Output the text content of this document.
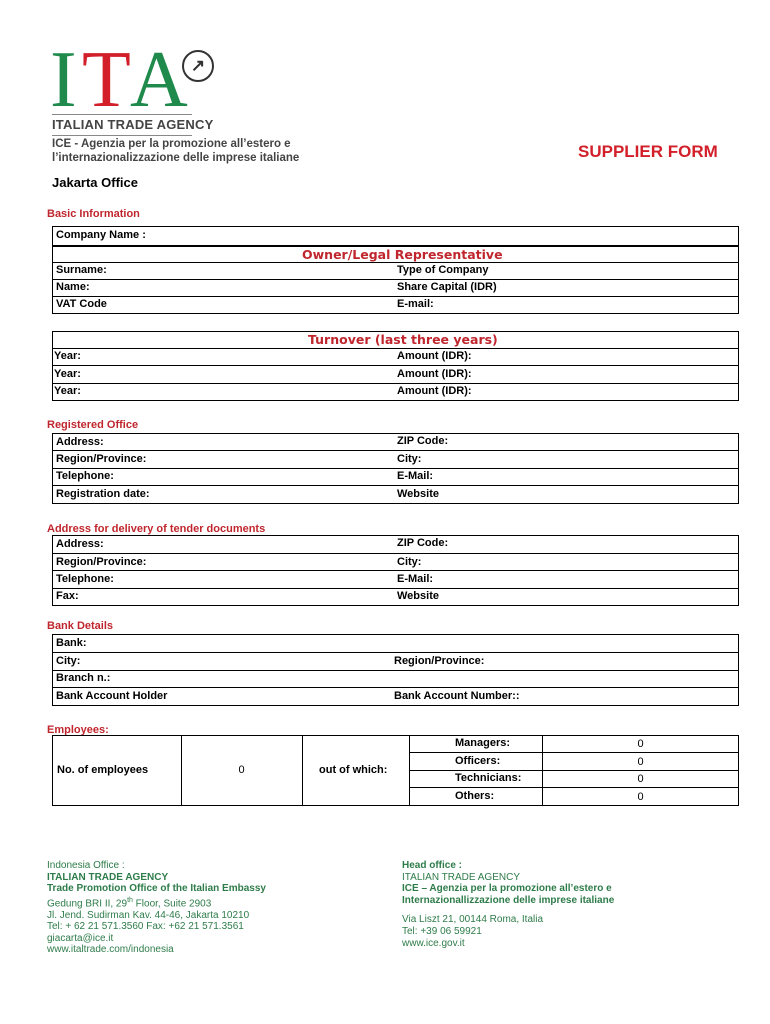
I T A ↗
ITALIAN TRADE AGENCY
ICE - Agenzia per la promozione all’estero e
l’internazionalizzazione delle imprese italiane	SUPPLIER FORM
Jakarta Office
Basic Information
Company Name :
Owner/Legal Representative
Surname:	Type of Company
Name:	Share Capital (IDR)
VAT Code	E-mail:
Turnover (last three years)
Year:	Amount (IDR):
Year:	Amount (IDR):
Year:	Amount (IDR):
Registered Office
Address:	ZIP Code:
Region/Province:	City:
Telephone:	E-Mail:
Registration date:	Website
Address for delivery of tender documents
Address:	ZIP Code:
Region/Province:	City:
Telephone:	E-Mail:
Fax:	Website
Bank Details
Bank:
City:	Region/Province:
Branch n.:
Bank Account Holder	Bank Account Number::
Employees:
No. of employees	0	out of which:
Managers:	0
Officers:	0
Technicians:	0
Others:	0
Indonesia Office :
ITALIAN TRADE AGENCY
Trade Promotion Office of the Italian Embassy
Gedung BRI II, 29th Floor, Suite 2903
Jl. Jend. Sudirman Kav. 44-46, Jakarta 10210
Tel: + 62 21 571.3560 Fax: +62 21 571.3561
giacarta@ice.it
www.italtrade.com/indonesia
Head office :
ITALIAN TRADE AGENCY
ICE – Agenzia per la promozione all’estero e
Internazionallizzazione delle imprese italiane
Via Liszt 21, 00144 Roma, Italia
Tel: +39 06 59921
www.ice.gov.it
